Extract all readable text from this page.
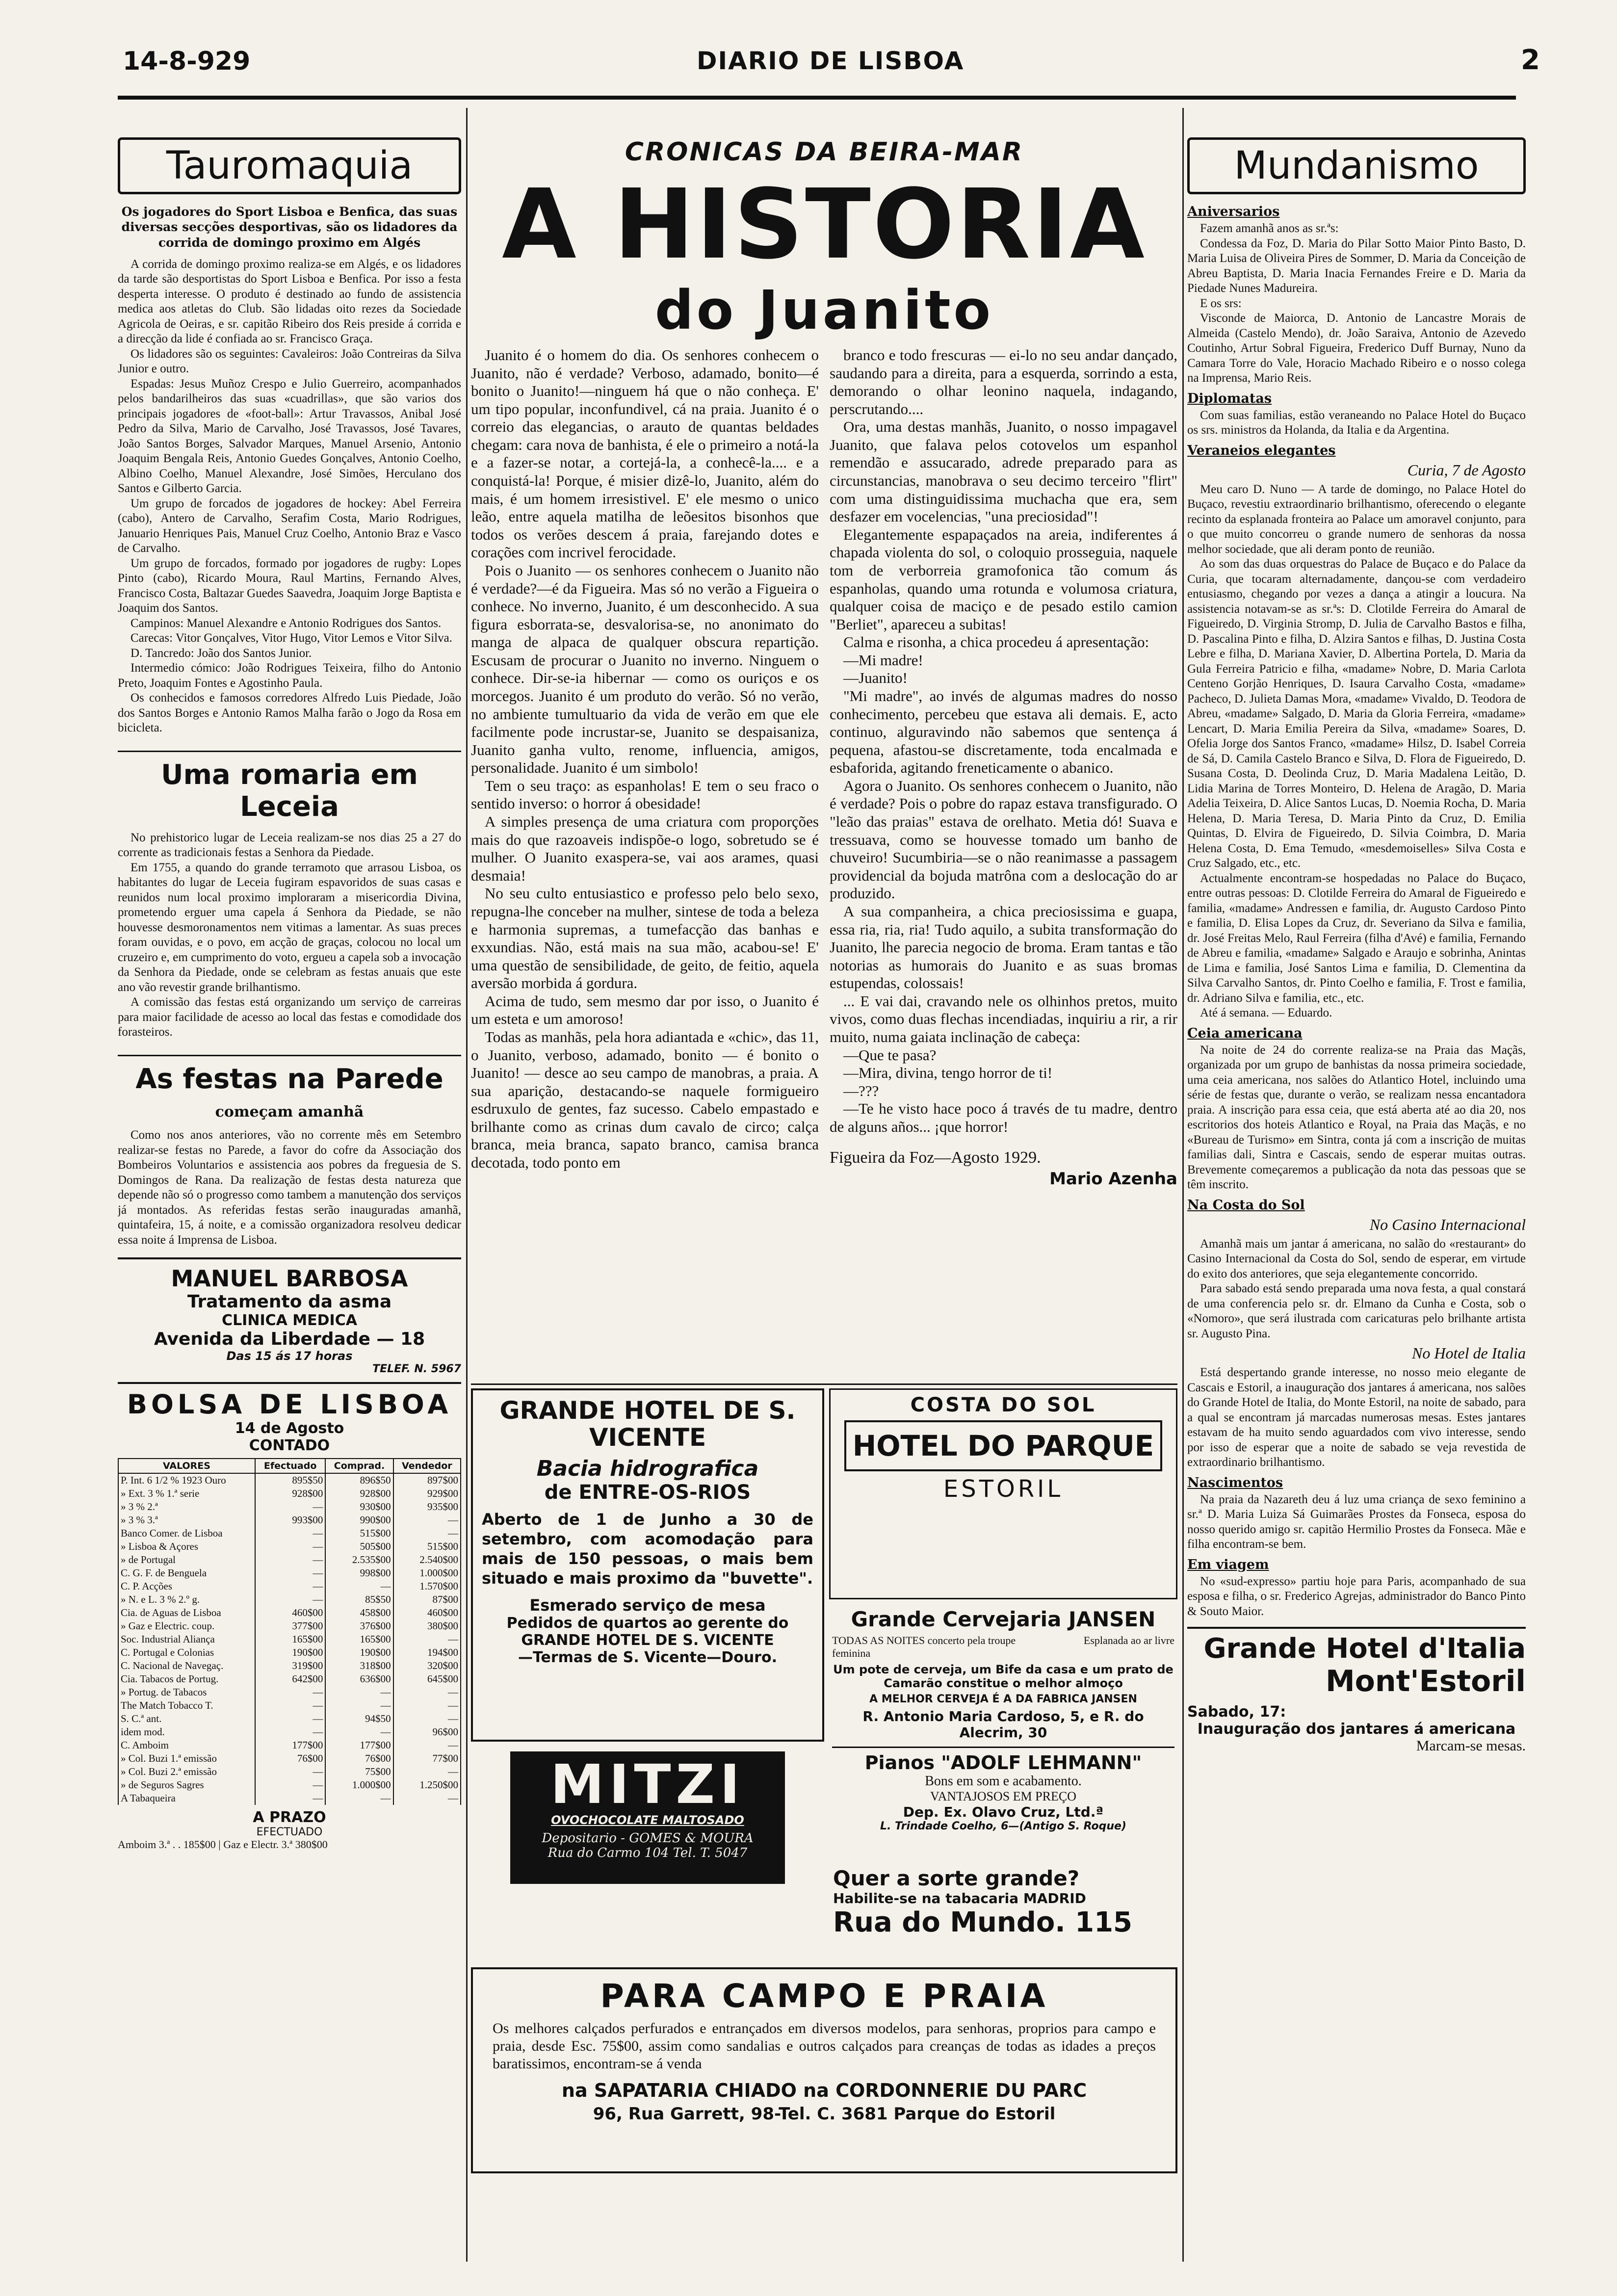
14-8-929	DIARIO DE LISBOA	2
Tauromaquia
Os jogadores do Sport Lisboa e Benfica, das suas diversas secções desportivas, são os lidadores da corrida de domingo proximo em Algés

A corrida de domingo proximo realiza-se em Algés, e os lidadores da tarde são desportistas do Sport Lisboa e Benfica. Por isso a festa desperta interesse. O produto é destinado ao fundo de assistencia medica aos atletas do Club. São lidadas oito rezes da Sociedade Agricola de Oeiras, e sr. capitão Ribeiro dos Reis preside á corrida e a direcção da lide é confiada ao sr. Francisco Graça.

Os lidadores são os seguintes: Cavaleiros: João Contreiras da Silva Junior e outro.

Espadas: Jesus Muñoz Crespo e Julio Guerreiro, acompanhados pelos bandarilheiros das suas «cuadrillas», que são varios dos principais jogadores de «foot-ball»: Artur Travassos, Anibal José Pedro da Silva, Mario de Carvalho, José Travassos, José Tavares, João Santos Borges, Salvador Marques, Manuel Arsenio, Antonio Joaquim Bengala Reis, Antonio Guedes Gonçalves, Antonio Coelho, Albino Coelho, Manuel Alexandre, José Simões, Herculano dos Santos e Gilberto Garcia.

Um grupo de forcados de jogadores de hockey: Abel Ferreira (cabo), Antero de Carvalho, Serafim Costa, Mario Rodrigues, Januario Henriques Pais, Manuel Cruz Coelho, Antonio Braz e Vasco de Carvalho.

Um grupo de forcados, formado por jogadores de rugby: Lopes Pinto (cabo), Ricardo Moura, Raul Martins, Fernando Alves, Francisco Costa, Baltazar Guedes Saavedra, Joaquim Jorge Baptista e Joaquim dos Santos.

Campinos: Manuel Alexandre e Antonio Rodrigues dos Santos.

Carecas: Vitor Gonçalves, Vitor Hugo, Vitor Lemos e Vitor Silva.

D. Tancredo: João dos Santos Junior.

Intermedio cómico: João Rodrigues Teixeira, filho do Antonio Preto, Joaquim Fontes e Agostinho Paula.

Os conhecidos e famosos corredores Alfredo Luis Piedade, João dos Santos Borges e Antonio Ramos Malha farão o Jogo da Rosa em bicicleta.

Uma romaria em Leceia

No prehistorico lugar de Leceia realizam-se nos dias 25 a 27 do corrente as tradicionais festas a Senhora da Piedade.

Em 1755, a quando do grande terramoto que arrasou Lisboa, os habitantes do lugar de Leceia fugiram espavoridos de suas casas e reunidos num local proximo imploraram a misericordia Divina, prometendo erguer uma capela á Senhora da Piedade, se não houvesse desmoronamentos nem vitimas a lamentar. As suas preces foram ouvidas, e o povo, em acção de graças, colocou no local um cruzeiro e, em cumprimento do voto, ergueu a capela sob a invocação da Senhora da Piedade, onde se celebram as festas anuais que este ano vão revestir grande brilhantismo.

A comissão das festas está organizando um serviço de carreiras para maior facilidade de acesso ao local das festas e comodidade dos forasteiros.

As festas na Parede
começam amanhã

Como nos anos anteriores, vão no corrente mês em Setembro realizar-se festas no Parede, a favor do cofre da Associação dos Bombeiros Voluntarios e assistencia aos pobres da freguesia de S. Domingos de Rana. Da realização de festas desta natureza que depende não só o progresso como tambem a manutenção dos serviços já montados. As referidas festas serão inauguradas amanhã, quintafeira, 15, á noite, e a comissão organizadora resolveu dedicar essa noite á Imprensa de Lisboa.

MANUEL BARBOSA
Tratamento da asma
CLINICA MEDICA
Avenida da Liberdade — 18
Das 15 ás 17 horas
TELEF. N. 5967
BOLSA DE LISBOA
14 de Agosto
CONTADO
VALORES	Efectuado	Comprad.	Vendedor
P. Int. 6 1/2 % 1923 Ouro	895$50	896$50	897$00
» Ext. 3 % 1.ª serie	928$00	928$00	929$00
» 3 % 2.ª	—	930$00	935$00
» 3 % 3.ª	993$00	990$00	—
Banco Comer. de Lisboa	—	515$00	—
» Lisboa & Açores	—	505$00	515$00
» de Portugal	—	2.535$00	2.540$00
C. G. F. de Benguela	—	998$00	1.000$00
C. P. Acções	—	—	1.570$00
» N. e L. 3 % 2.º g.	—	85$50	87$00
Cia. de Aguas de Lisboa	460$00	458$00	460$00
» Gaz e Electric. coup.	377$00	376$00	380$00
Soc. Industrial Aliança	165$00	165$00	—
C. Portugal e Colonias	190$00	190$00	194$00
C. Nacional de Navegaç.	319$00	318$00	320$00
Cia. Tabacos de Portug.	642$00	636$00	645$00
» Portug. de Tabacos	—	—	—
The Match Tobacco T.	—	—	—
S. C.ª ant.	—	94$50	—
idem mod.	—	—	96$00
C. Amboim	177$00	177$00	—
» Col. Buzi 1.ª emissão	76$00	76$00	77$00
» Col. Buzi 2.ª emissão	—	75$00	—
» de Seguros Sagres	—	1.000$00	1.250$00
A Tabaqueira	—	—	—
A PRAZO
EFECTUADO
Amboim 3.ª . . 185$00 | Gaz e Electr. 3.ª 380$00
CRONICAS DA BEIRA-MAR
A HISTORIA
do Juanito

Juanito é o homem do dia. Os senhores conhecem o Juanito, não é verdade? Verboso, adamado, bonito—é bonito o Juanito!—ninguem há que o não conheça. E' um tipo popular, inconfundivel, cá na praia. Juanito é o correio das elegancias, o arauto de quantas beldades chegam: cara nova de banhista, é ele o primeiro a notá-la e a fazer-se notar, a cortejá-la, a conhecê-la.... e a conquistá-la! Porque, é misier dizê-lo, Juanito, além do mais, é um homem irresistivel. E' ele mesmo o unico leão, entre aquela matilha de leõesitos bisonhos que todos os verões descem á praia, farejando dotes e corações com incrivel ferocidade.

Pois o Juanito — os senhores conhecem o Juanito não é verdade?—é da Figueira. Mas só no verão a Figueira o conhece. No inverno, Juanito, é um desconhecido. A sua figura esborrata-se, desvalorisa-se, no anonimato do manga de alpaca de qualquer obscura repartição. Escusam de procurar o Juanito no inverno. Ninguem o conhece. Dir-se-ia hibernar — como os ouriços e os morcegos. Juanito é um produto do verão. Só no verão, no ambiente tumultuario da vida de verão em que ele facilmente pode incrustar-se, Juanito se despaisaniza, Juanito ganha vulto, renome, influencia, amigos, personalidade. Juanito é um simbolo!

Tem o seu traço: as espanholas! E tem o seu fraco o sentido inverso: o horror á obesidade!

A simples presença de uma criatura com proporções mais do que razoaveis indispõe-o logo, sobretudo se é mulher. O Juanito exaspera-se, vai aos arames, quasi desmaia!

No seu culto entusiastico e professo pelo belo sexo, repugna-lhe conceber na mulher, sintese de toda a beleza e harmonia supremas, a tumefacção das banhas e exxundias. Não, está mais na sua mão, acabou-se! E' uma questão de sensibilidade, de geito, de feitio, aquela aversão morbida á gordura.

Acima de tudo, sem mesmo dar por isso, o Juanito é um esteta e um amoroso!

Todas as manhãs, pela hora adiantada e «chic», das 11, o Juanito, verboso, adamado, bonito — é bonito o Juanito! — desce ao seu campo de manobras, a praia. A sua aparição, destacando-se naquele formigueiro esdruxulo de gentes, faz sucesso. Cabelo empastado e brilhante como as crinas dum cavalo de circo; calça branca, meia branca, sapato branco, camisa branca decotada, todo ponto em

branco e todo frescuras — ei-lo no seu andar dançado, saudando para a direita, para a esquerda, sorrindo a esta, demorando o olhar leonino naquela, indagando, perscrutando....

Ora, uma destas manhãs, Juanito, o nosso impagavel Juanito, que falava pelos cotovelos um espanhol remendão e assucarado, adrede preparado para as circunstancias, manobrava o seu decimo terceiro "flirt" com uma distinguidissima muchacha que era, sem desfazer em vocelencias, "una preciosidad"!

Elegantemente espapaçados na areia, indiferentes á chapada violenta do sol, o coloquio prosseguia, naquele tom de verborreia gramofonica tão comum ás espanholas, quando uma rotunda e volumosa criatura, qualquer coisa de maciço e de pesado estilo camion "Berliet", apareceu a subitas!

Calma e risonha, a chica procedeu á apresentação:

—Mi madre!

—Juanito!

"Mi madre", ao invés de algumas madres do nosso conhecimento, percebeu que estava ali demais. E, acto continuo, alguravindo não sabemos que sentença á pequena, afastou-se discretamente, toda encalmada e esbaforida, agitando freneticamente o abanico.

Agora o Juanito. Os senhores conhecem o Juanito, não é verdade? Pois o pobre do rapaz estava transfigurado. O "leão das praias" estava de orelhato. Metia dó! Suava e tressuava, como se houvesse tomado um banho de chuveiro! Sucumbiria—se o não reanimasse a passagem providencial da bojuda matrôna com a deslocação do ar produzido.

A sua companheira, a chica preciosissima e guapa, essa ria, ria, ria! Tudo aquilo, a subita transformação do Juanito, lhe parecia negocio de broma. Eram tantas e tão notorias as humorais do Juanito e as suas bromas estupendas, colossais!

... E vai dai, cravando nele os olhinhos pretos, muito vivos, como duas flechas incendiadas, inquiriu a rir, a rir muito, numa gaiata inclinação de cabeça:

—Que te pasa?

—Mira, divina, tengo horror de ti!

—???

—Te he visto hace poco á través de tu madre, dentro de alguns años... ¡que horror!

Figueira da Foz—Agosto 1929.
Mario Azenha
GRANDE HOTEL DE S. VICENTE
Bacia hidrografica
de ENTRE-OS-RIOS
Aberto de 1 de Junho a 30 de setembro, com acomodação para mais de 150 pessoas, o mais bem situado e mais proximo da "buvette".
Esmerado serviço de mesa
Pedidos de quartos ao gerente do GRANDE HOTEL DE S. VICENTE
—Termas de S. Vicente—Douro.
COSTA DO SOL
HOTEL DO PARQUE
ESTORIL
Grande Cervejaria JANSEN
TODAS AS NOITES concerto pela troupe feminina
Esplanada ao ar livre
Um pote de cerveja, um Bife da casa e um prato de Camarão constitue o melhor almoço
A MELHOR CERVEJA É A DA FABRICA JANSEN
R. Antonio Maria Cardoso, 5, e R. do Alecrim, 30
Pianos "ADOLF LEHMANN"
Bons em som e acabamento.
VANTAJOSOS EM PREÇO
Dep. Ex. Olavo Cruz, Ltd.ª
L. Trindade Coelho, 6—(Antigo S. Roque)
MITZI
OVOCHOCOLATE MALTOSADO
Depositario - GOMES & MOURA
Rua do Carmo 104 Tel. T. 5047
Quer a sorte grande?
Habilite-se na tabacaria MADRID
Rua do Mundo. 115
PARA CAMPO E PRAIA
Os melhores calçados perfurados e entrançados em diversos modelos, para senhoras, proprios para campo e praia, desde Esc. 75$00, assim como sandalias e outros calçados para creanças de todas as idades a preços baratissimos, encontram-se á venda
na SAPATARIA CHIADO na CORDONNERIE DU PARC
96, Rua Garrett, 98-Tel. C. 3681 Parque do Estoril
Mundanismo
Aniversarios

Fazem amanhã anos as sr.ªs:

Condessa da Foz, D. Maria do Pilar Sotto Maior Pinto Basto, D. Maria Luisa de Oliveira Pires de Sommer, D. Maria da Conceição de Abreu Baptista, D. Maria Inacia Fernandes Freire e D. Maria da Piedade Nunes Madureira.

E os srs:

Visconde de Maiorca, D. Antonio de Lancastre Morais de Almeida (Castelo Mendo), dr. João Saraiva, Antonio de Azevedo Coutinho, Artur Sobral Figueira, Frederico Duff Burnay, Nuno da Camara Torre do Vale, Horacio Machado Ribeiro e o nosso colega na Imprensa, Mario Reis.

Diplomatas

Com suas familias, estão veraneando no Palace Hotel do Buçaco os srs. ministros da Holanda, da Italia e da Argentina.

Veraneios elegantes
Curia, 7 de Agosto

Meu caro D. Nuno — A tarde de domingo, no Palace Hotel do Buçaco, revestiu extraordinario brilhantismo, oferecendo o elegante recinto da esplanada fronteira ao Palace um amoravel conjunto, para o que muito concorreu o grande numero de senhoras da nossa melhor sociedade, que ali deram ponto de reunião.

Ao som das duas orquestras do Palace de Buçaco e do Palace da Curia, que tocaram alternadamente, dançou-se com verdadeiro entusiasmo, chegando por vezes a dança a atingir a loucura. Na assistencia notavam-se as sr.ªs: D. Clotilde Ferreira do Amaral de Figueiredo, D. Virginia Stromp, D. Julia de Carvalho Bastos e filha, D. Pascalina Pinto e filha, D. Alzira Santos e filhas, D. Justina Costa Lebre e filha, D. Mariana Xavier, D. Albertina Portela, D. Maria da Gula Ferreira Patricio e filha, «madame» Nobre, D. Maria Carlota Centeno Gorjão Henriques, D. Isaura Carvalho Costa, «madame» Pacheco, D. Julieta Damas Mora, «madame» Vivaldo, D. Teodora de Abreu, «madame» Salgado, D. Maria da Gloria Ferreira, «madame» Lencart, D. Maria Emilia Pereira da Silva, «madame» Soares, D. Ofelia Jorge dos Santos Franco, «madame» Hilsz, D. Isabel Correia de Sá, D. Camila Castelo Branco e Silva, D. Flora de Figueiredo, D. Susana Costa, D. Deolinda Cruz, D. Maria Madalena Leitão, D. Lidia Marina de Torres Monteiro, D. Helena de Aragão, D. Maria Adelia Teixeira, D. Alice Santos Lucas, D. Noemia Rocha, D. Maria Helena, D. Maria Teresa, D. Maria Pinto da Cruz, D. Emilia Quintas, D. Elvira de Figueiredo, D. Silvia Coimbra, D. Maria Helena Costa, D. Ema Temudo, «mesdemoiselles» Silva Costa e Cruz Salgado, etc., etc.

Actualmente encontram-se hospedadas no Palace do Buçaco, entre outras pessoas: D. Clotilde Ferreira do Amaral de Figueiredo e familia, «madame» Andressen e familia, dr. Augusto Cardoso Pinto e familia, D. Elisa Lopes da Cruz, dr. Severiano da Silva e familia, dr. José Freitas Melo, Raul Ferreira (filha d'Avé) e familia, Fernando de Abreu e familia, «madame» Salgado e Araujo e sobrinha, Anintas de Lima e familia, José Santos Lima e familia, D. Clementina da Silva Carvalho Santos, dr. Pinto Coelho e familia, F. Trost e familia, dr. Adriano Silva e familia, etc., etc.

Até á semana. — Eduardo.

Ceia americana

Na noite de 24 do corrente realiza-se na Praia das Maçãs, organizada por um grupo de banhistas da nossa primeira sociedade, uma ceia americana, nos salões do Atlantico Hotel, incluindo uma série de festas que, durante o verão, se realizam nessa encantadora praia. A inscrição para essa ceia, que está aberta até ao dia 20, nos escritorios dos hoteis Atlantico e Royal, na Praia das Maçãs, e no «Bureau de Turismo» em Sintra, conta já com a inscrição de muitas familias dali, Sintra e Cascais, sendo de esperar muitas outras. Brevemente começaremos a publicação da nota das pessoas que se têm inscrito.

Na Costa do Sol
No Casino Internacional

Amanhã mais um jantar á americana, no salão do «restaurant» do Casino Internacional da Costa do Sol, sendo de esperar, em virtude do exito dos anteriores, que seja elegantemente concorrido.

Para sabado está sendo preparada uma nova festa, a qual constará de uma conferencia pelo sr. dr. Elmano da Cunha e Costa, sob o «Nomoro», que será ilustrada com caricaturas pelo brilhante artista sr. Augusto Pina.

No Hotel de Italia

Está despertando grande interesse, no nosso meio elegante de Cascais e Estoril, a inauguração dos jantares á americana, nos salões do Grande Hotel de Italia, do Monte Estoril, na noite de sabado, para a qual se encontram já marcadas numerosas mesas. Estes jantares estavam de ha muito sendo aguardados com vivo interesse, sendo por isso de esperar que a noite de sabado se veja revestida de extraordinario brilhantismo.

Nascimentos

Na praia da Nazareth deu á luz uma criança de sexo feminino a sr.ª D. Maria Luiza Sá Guimarães Prostes da Fonseca, esposa do nosso querido amigo sr. capitão Hermilio Prostes da Fonseca. Mãe e filha encontram-se bem.

Em viagem

No «sud-expresso» partiu hoje para Paris, acompanhado de sua esposa e filha, o sr. Frederico Agrejas, administrador do Banco Pinto & Souto Maior.

Grande Hotel d'Italia
Mont'Estoril
Sabado, 17:
Inauguração dos jantares á americana
Marcam-se mesas.
